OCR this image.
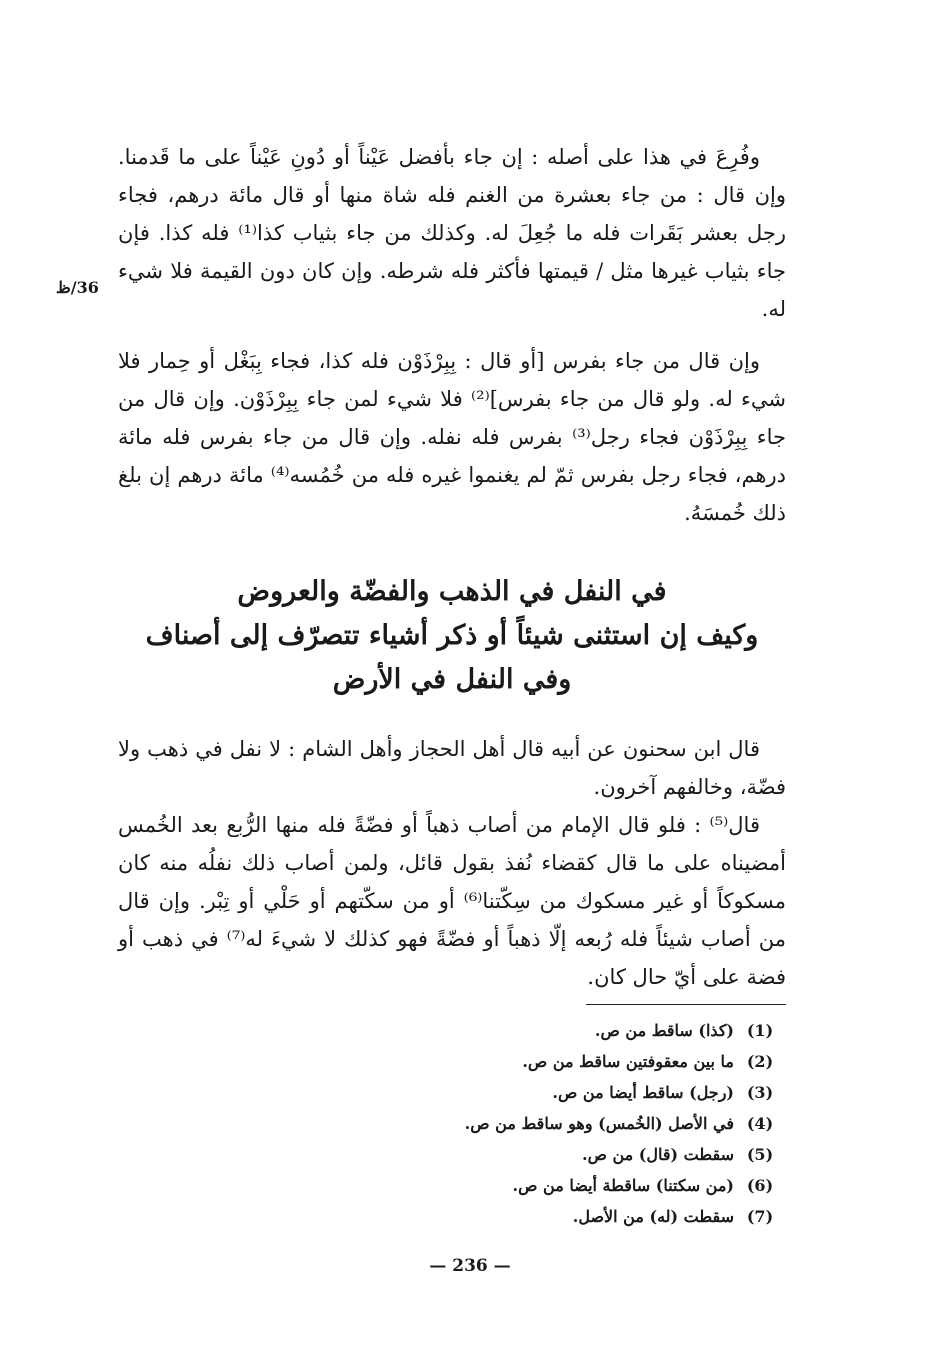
36/ظ

وفُرِعَ في هذا على أصله : إن جاء بأفضل عَيْناً أو دُونِ عَيْناً على ما قَدمنا. وإن قال : من جاء بعشرة من الغنم فله شاة منها أو قال مائة درهم، فجاء رجل بعشر بَقَرات فله ما جُعِلَ له. وكذلك من جاء بثياب كذا⁽¹⁾ فله كذا. فإن جاء بثياب غيرها مثل / قيمتها فأكثر فله شرطه. وإن كان دون القيمة فلا شيء له.

وإن قال من جاء بفرس [أو قال : بِبِرْذَوْن فله كذا، فجاء بِبَغْل أو حِمار فلا شيء له. ولو قال من جاء بفرس]⁽²⁾ فلا شيء لمن جاء بِبِرْذَوْن. وإن قال من جاء بِبِرْذَوْن فجاء رجل⁽³⁾ بفرس فله نفله. وإن قال من جاء بفرس فله مائة درهم، فجاء رجل بفرس ثمّ لم يغنموا غيره فله من خُمُسه⁽⁴⁾ مائة درهم إن بلغ ذلك خُمسَهُ.

في النفل في الذهب والفضّة والعروض
وكيف إن استثنى شيئاً أو ذكر أشياء تتصرّف إلى أصناف
وفي النفل في الأرض

قال ابن سحنون عن أبيه قال أهل الحجاز وأهل الشام : لا نفل في ذهب ولا فضّة، وخالفهم آخرون.

قال⁽⁵⁾ : فلو قال الإمام من أصاب ذهباً أو فضّةً فله منها الرُّبع بعد الخُمس أمضيناه على ما قال كقضاء نُفذ بقول قائل، ولمن أصاب ذلك نفلُه منه كان مسكوكاً أو غير مسكوك من سِكّتنا⁽⁶⁾ أو من سكّتهم أو حَلْي أو تِبْر. وإن قال من أصاب شيئاً فله رُبعه إلّا ذهباً أو فضّةً فهو كذلك لا شيءَ له⁽⁷⁾ في ذهب أو فضة على أيّ حال كان.

(1)
(كذا) ساقط من ص.
(2)
ما بين معقوفتين ساقط من ص.
(3)
(رجل) ساقط أيضا من ص.
(4)
في الأصل (الخُمس) وهو ساقط من ص.
(5)
سقطت (قال) من ص.
(6)
(من سكتنا) ساقطة أيضا من ص.
(7)
سقطت (له) من الأصل.
— 236 —
